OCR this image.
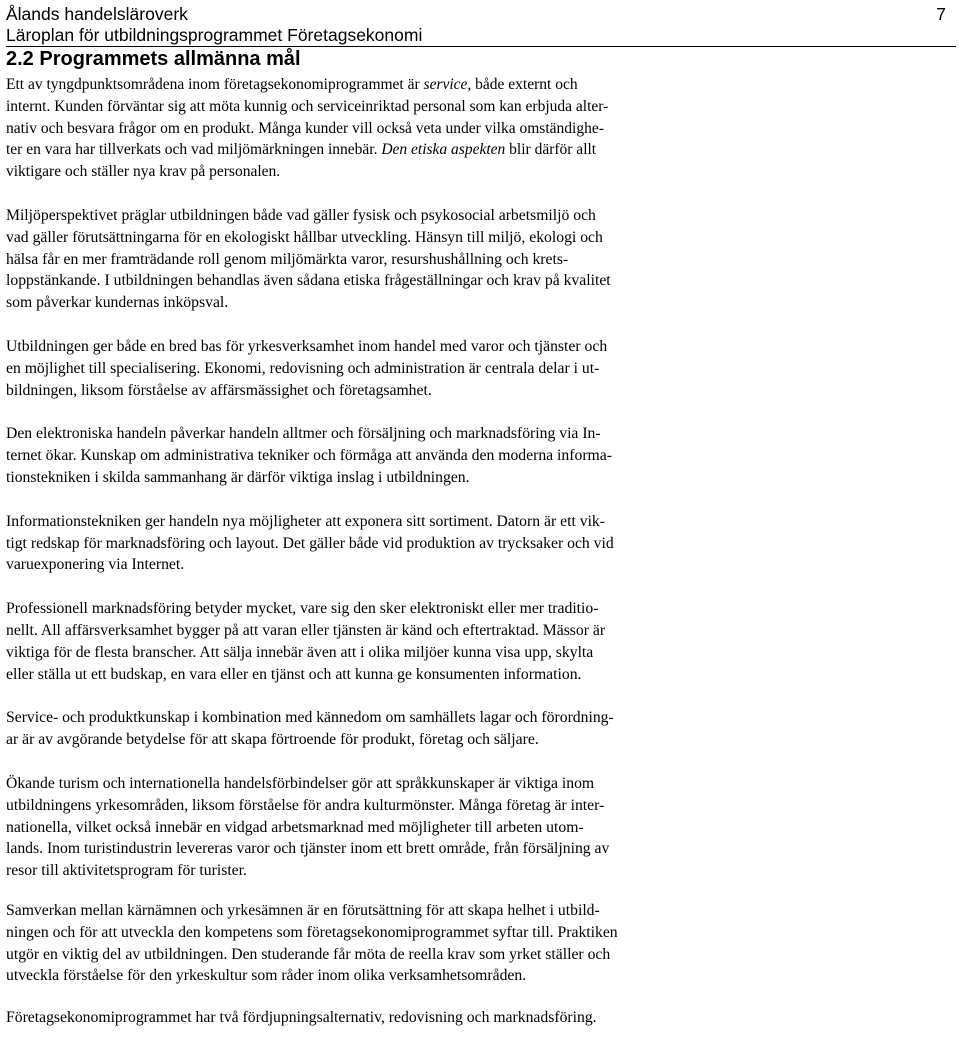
Ålands handelsläroverk
Läroplan för utbildningsprogrammet Företagsekonomi
7
2.2 Programmets allmänna mål

Ett av tyngdpunktsområdena inom företagsekonomiprogrammet är service, både externt och
internt. Kunden förväntar sig att möta kunnig och serviceinriktad personal som kan erbjuda alter-
nativ och besvara frågor om en produkt. Många kunder vill också veta under vilka omständighe-
ter en vara har tillverkats och vad miljömärkningen innebär. Den etiska aspekten blir därför allt
viktigare och ställer nya krav på personalen.

Miljöperspektivet präglar utbildningen både vad gäller fysisk och psykosocial arbetsmiljö och
vad gäller förutsättningarna för en ekologiskt hållbar utveckling. Hänsyn till miljö, ekologi och
hälsa får en mer framträdande roll genom miljömärkta varor, resurshushållning och krets-
loppstänkande. I utbildningen behandlas även sådana etiska frågeställningar och krav på kvalitet
som påverkar kundernas inköpsval.

Utbildningen ger både en bred bas för yrkesverksamhet inom handel med varor och tjänster och
en möjlighet till specialisering. Ekonomi, redovisning och administration är centrala delar i ut-
bildningen, liksom förståelse av affärsmässighet och företagsamhet.

Den elektroniska handeln påverkar handeln alltmer och försäljning och marknadsföring via In-
ternet ökar. Kunskap om administrativa tekniker och förmåga att använda den moderna informa-
tionstekniken i skilda sammanhang är därför viktiga inslag i utbildningen.

Informationstekniken ger handeln nya möjligheter att exponera sitt sortiment. Datorn är ett vik-
tigt redskap för marknadsföring och layout. Det gäller både vid produktion av trycksaker och vid
varuexponering via Internet.

Professionell marknadsföring betyder mycket, vare sig den sker elektroniskt eller mer traditio-
nellt. All affärsverksamhet bygger på att varan eller tjänsten är känd och eftertraktad. Mässor är
viktiga för de flesta branscher. Att sälja innebär även att i olika miljöer kunna visa upp, skylta
eller ställa ut ett budskap, en vara eller en tjänst och att kunna ge konsumenten information.

Service- och produktkunskap i kombination med kännedom om samhällets lagar och förordning-
ar är av avgörande betydelse för att skapa förtroende för produkt, företag och säljare.

Ökande turism och internationella handelsförbindelser gör att språkkunskaper är viktiga inom
utbildningens yrkesområden, liksom förståelse för andra kulturmönster. Många företag är inter-
nationella, vilket också innebär en vidgad arbetsmarknad med möjligheter till arbeten utom-
lands. Inom turistindustrin levereras varor och tjänster inom ett brett område, från försäljning av
resor till aktivitetsprogram för turister.

Samverkan mellan kärnämnen och yrkesämnen är en förutsättning för att skapa helhet i utbild-
ningen och för att utveckla den kompetens som företagsekonomiprogrammet syftar till. Praktiken
utgör en viktig del av utbildningen. Den studerande får möta de reella krav som yrket ställer och
utveckla förståelse för den yrkeskultur som råder inom olika verksamhetsområden.

Företagsekonomiprogrammet har två fördjupningsalternativ, redovisning och marknadsföring.
